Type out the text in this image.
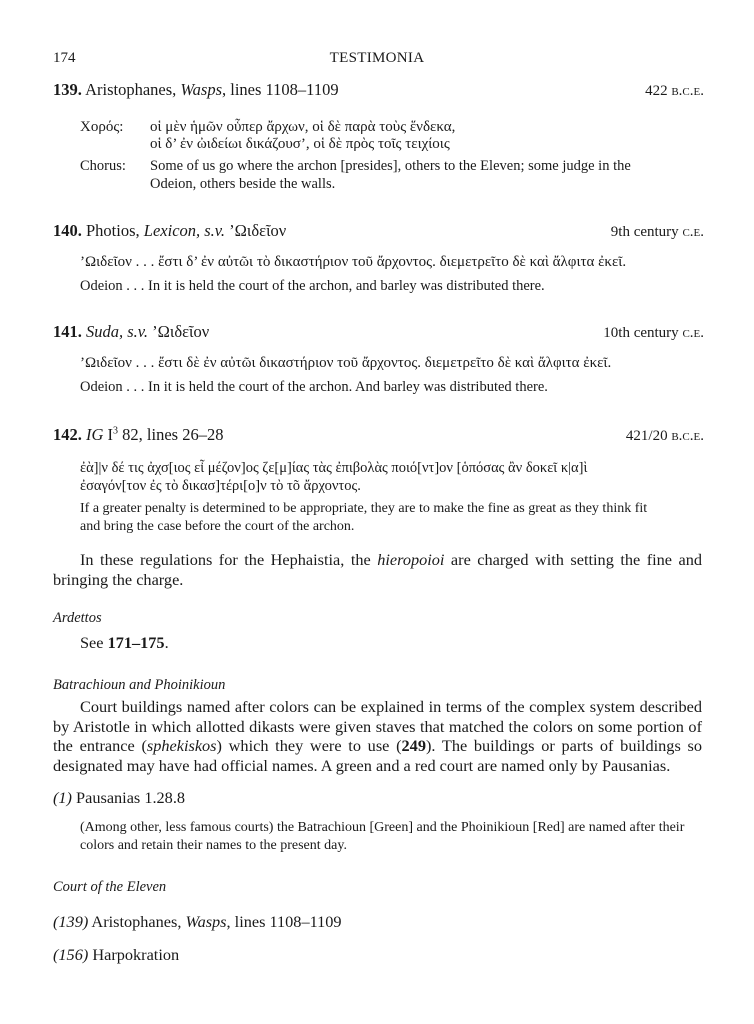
174	TESTIMONIA
139. Aristophanes, Wasps, lines 1108–1109	422 b.c.e.
Χορός: οἱ μὲν ἡμῶν οὗπερ ἄρχων, οἱ δὲ παρὰ τοὺς ἕνδεκα,
οἱ δ’ ἐν ὠιδείωι δικάζουσ’, οἱ δὲ πρὸς τοῖς τειχίοις
Chorus: Some of us go where the archon [presides], others to the Eleven; some judge in the
Odeion, others beside the walls.
140. Photios, Lexicon, s.v. ’Ωιδεῖον	9th century c.e.
’Ωιδεῖον . . . ἔστι δ’ ἐν αὐτῶι τὸ δικαστήριον τοῦ ἄρχοντος. διεμετρεῖτο δὲ καὶ ἄλφιτα ἐκεῖ.
Odeion . . . In it is held the court of the archon, and barley was distributed there.
141. Suda, s.v. ’Ωιδεῖον	10th century c.e.
’Ωιδεῖον . . . ἔστι δὲ ἐν αὐτῶι δικαστήριον τοῦ ἄρχοντος. διεμετρεῖτο δὲ καὶ ἄλφιτα ἐκεῖ.
Odeion . . . In it is held the court of the archon. And barley was distributed there.
142. IG $I^3$ 82, lines 26–28	421/20 b.c.e.
ἐὰ]|ν δέ τις ἀχσ[ιος εἶ μέζον]ος ζε[μ]ίας τὰς ἐπιβολὰς ποιό[ντ]ον [ὁπόσας ἂν δοκεῖ κ|α]ὶ
ἐσαγόν[τον ἐς τὸ δικασ]τέρι[ο]ν τὸ τõ ἄρχοντος.
If a greater penalty is determined to be appropriate, they are to make the fine as great as they think fit
and bring the case before the court of the archon.
In these regulations for the Hephaistia, the hieropoioi are charged with setting the fine and bringing the charge.
Ardettos
See 171–175.
Batrachioun and Phoinikioun
Court buildings named after colors can be explained in terms of the complex system described by Aristotle in which allotted dikasts were given staves that matched the colors on some portion of the entrance (sphekiskos) which they were to use (249). The buildings or parts of buildings so designated may have had official names. A green and a red court are named only by Pausanias.
(1) Pausanias 1.28.8
(Among other, less famous courts) the Batrachioun [Green] and the Phoinikioun [Red] are named after their colors and retain their names to the present day.
Court of the Eleven
(139) Aristophanes, Wasps, lines 1108–1109
(156) Harpokration
